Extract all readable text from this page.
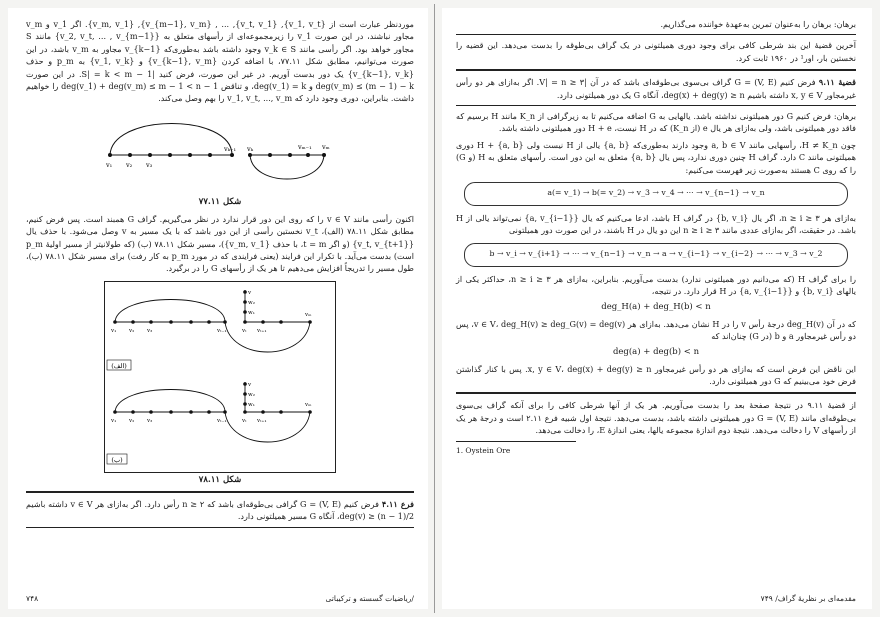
موردنظر عبارت است از {v_1, v_t}, {v_t, v_1}, ... , {v_{m−1}, v_m}, {v_m, v_1}. اگر v_1 و v_m مجاور نباشند، در این صورت v_1 را زیرمجموعه‌ای از رأسهای متعلق به {v_2, v_t, ... , v_{m−1}} مانند S مجاور خواهد بود. اگر رأسی مانند v_k ∈ S وجود داشته باشد به‌طوری‌که v_{k−1} مجاور به v_m باشد، در این صورت می‌توانیم، مطابق شکل ۷۷.۱۱، با اضافه کردن {v_{k−1}, v_m} و {v_1, v_k} به p_m و حذف {v_{k−1}, v_k} یک دور بدست آوریم. در غیر این صورت، فرض کنید |S| = k < m − 1. در این صورت deg(v_m) ≤ (m − 1) − k و deg(v_1) = k، و تناقض deg(v_1) + deg(v_m) ≤ m − 1 < n − 1 را خواهیم داشت. بنابراین، دوری وجود دارد که v_1, v_t, ..., v_m را بهم وصل می‌کند.

v₁ v₂ v₃
vₖ₋₁ vₖ	vₘ₋₁ vₘ
شکل ۷۷.۱۱

اکنون رأسی مانند v ∈ V را که روی این دور قرار ندارد در نظر می‌گیریم. گراف G همبند است. پس فرض کنیم، مطابق شکل ۷۸.۱۱ (الف)، v_t نخستین رأسی از این دور باشد که با یک مسیر به v وصل می‌شود. با حذف یال {v_t, v_{t+1}} (و اگر t = m، با حذف {v_m, v_1})، مسیر شکل ۷۸.۱۱ (ب) (که طولانیتر از مسیر اولیهٔ p_m است) بدست می‌آید. با تکرار این فرایند (یعنی فرایندی که در مورد p_m به کار رفت) برای مسیر شکل ۷۸.۱۱ (ب)، طول مسیر را تدریجاً افزایش می‌دهیم تا هر یک از رأسهای G را در برگیرد.

v₁ v₂ v₃	vₜ₋₁	vₜ vₜ₊₁
vₘ
v
w₂
w₁
(الف)
v₁ v₂ v₃	vₜ₋₁	vₜ vₜ₊₁
vₘ
v
w₂
w₁
(ب)
شکل ۷۸.۱۱

فرع ۴.۱۱ فرض کنیم G = (V, E) گرافی بی‌طوقه‌ای باشد که n ≥ ۲ رأس دارد. اگر به‌ازای هر v ∈ V داشته باشیم deg(v) ≥ (n − 1)/2، آنگاه G مسیر همیلتونی دارد.

/ریاضیات گسسته و ترکیباتی
۷۴۸

برهان: برهان را به‌عنوان تمرین به‌عهدهٔ خواننده می‌گذاریم.

آخرین قضیهٔ این بند شرطی کافی برای وجود دوری همیلتونی در یک گراف بی‌طوقه را بدست می‌دهد. این قضیه را نخستین بار، اور¹ در ۱۹۶۰ ثابت کرد.

قضیهٔ ۹.۱۱ فرض کنیم G = (V, E) گراف بی‌سوی بی‌طوقه‌ای باشد که در آن |V| = n ≥ ۳. اگر به‌ازای هر دو رأس غیرمجاور x, y ∈ V داشته باشیم deg(x) + deg(y) ≥ n، آنگاه G یک دور همیلتونی دارد.

برهان: فرض کنیم G دور همیلتونی نداشته باشد. یالهایی به G اضافه می‌کنیم تا به زیرگرافی از K_n مانند H برسیم که فاقد دور همیلتونی باشد، ولی به‌ازای هر یال e (از K_n) که در H نیست، H + e دور همیلتونی داشته باشد.

چون H ≠ K_n، رأسهایی مانند a, b ∈ V وجود دارند به‌طوری‌که {a, b} یالی از H نیست ولی H + {a, b} دوری همیلتونی مانند C دارد. گراف H چنین دوری ندارد، پس یال {a, b} متعلق به این دور است. رأسهای متعلق به H (و G) را که روی C هستند به‌صورت زیر فهرست می‌کنیم:

a(= v_1) → b(= v_2) → v_3 → v_4 → ··· → v_{n−1} → v_n

به‌ازای هر n ≥ i ≥ ۳، اگر یال {b, v_i} در گراف H باشد، ادعا می‌کنیم که یال {a, v_{i−1}} نمی‌تواند یالی از H باشد. در حقیقت، اگر به‌ازای عددی مانند n ≥ i ≥ ۳ این دو یال در H باشند، در این صورت دور همیلتونی

b → v_i → v_{i+1} → ··· → v_{n−1} → v_n → a → v_{i−1} → v_{i−2} → ··· → v_3 → v_2

را برای گراف H (که می‌دانیم دور همیلتونی ندارد) بدست می‌آوریم. بنابراین، به‌ازای هر n ≥ i ≥ ۳، حداکثر یکی از یالهای {b, v_i} و {a, v_{i−1}} در H قرار دارد. در نتیجه،

deg_H(a) + deg_H(b) < n

که در آن deg_H(v) درجهٔ رأس v را در H نشان می‌دهد. به‌ازای هر v ∈ V، deg_H(v) ≥ deg_G(v) = deg(v)، پس دو رأس غیرمجاور a و b (در G) چنان‌اند که

deg(a) + deg(b) < n

این ناقض این فرض است که به‌ازای هر دو رأس غیرمجاور x, y ∈ V، deg(x) + deg(y) ≥ n. پس با کنار گذاشتن فرض خود می‌بینیم که G دور همیلتونی دارد.

از قضیهٔ ۹.۱۱ در نتیجهٔ صفحهٔ بعد را بدست می‌آوریم. هر یک از آنها شرطی کافی را برای آنکه گراف بی‌سوی بی‌طوقه‌ای مانند G = (V, E) دور همیلتونی داشته باشد، بدست می‌دهد. نتیجهٔ اول شبیه فرع ۲.۱۱ است و درجهٔ هر یک از رأسهای V را دخالت می‌دهد. نتیجهٔ دوم اندازهٔ مجموعه یالها، یعنی اندازهٔ E، را دخالت می‌دهد.

1. Oystein Ore
مقدمه‌ای بر نظریهٔ گراف/ ۷۴۹
